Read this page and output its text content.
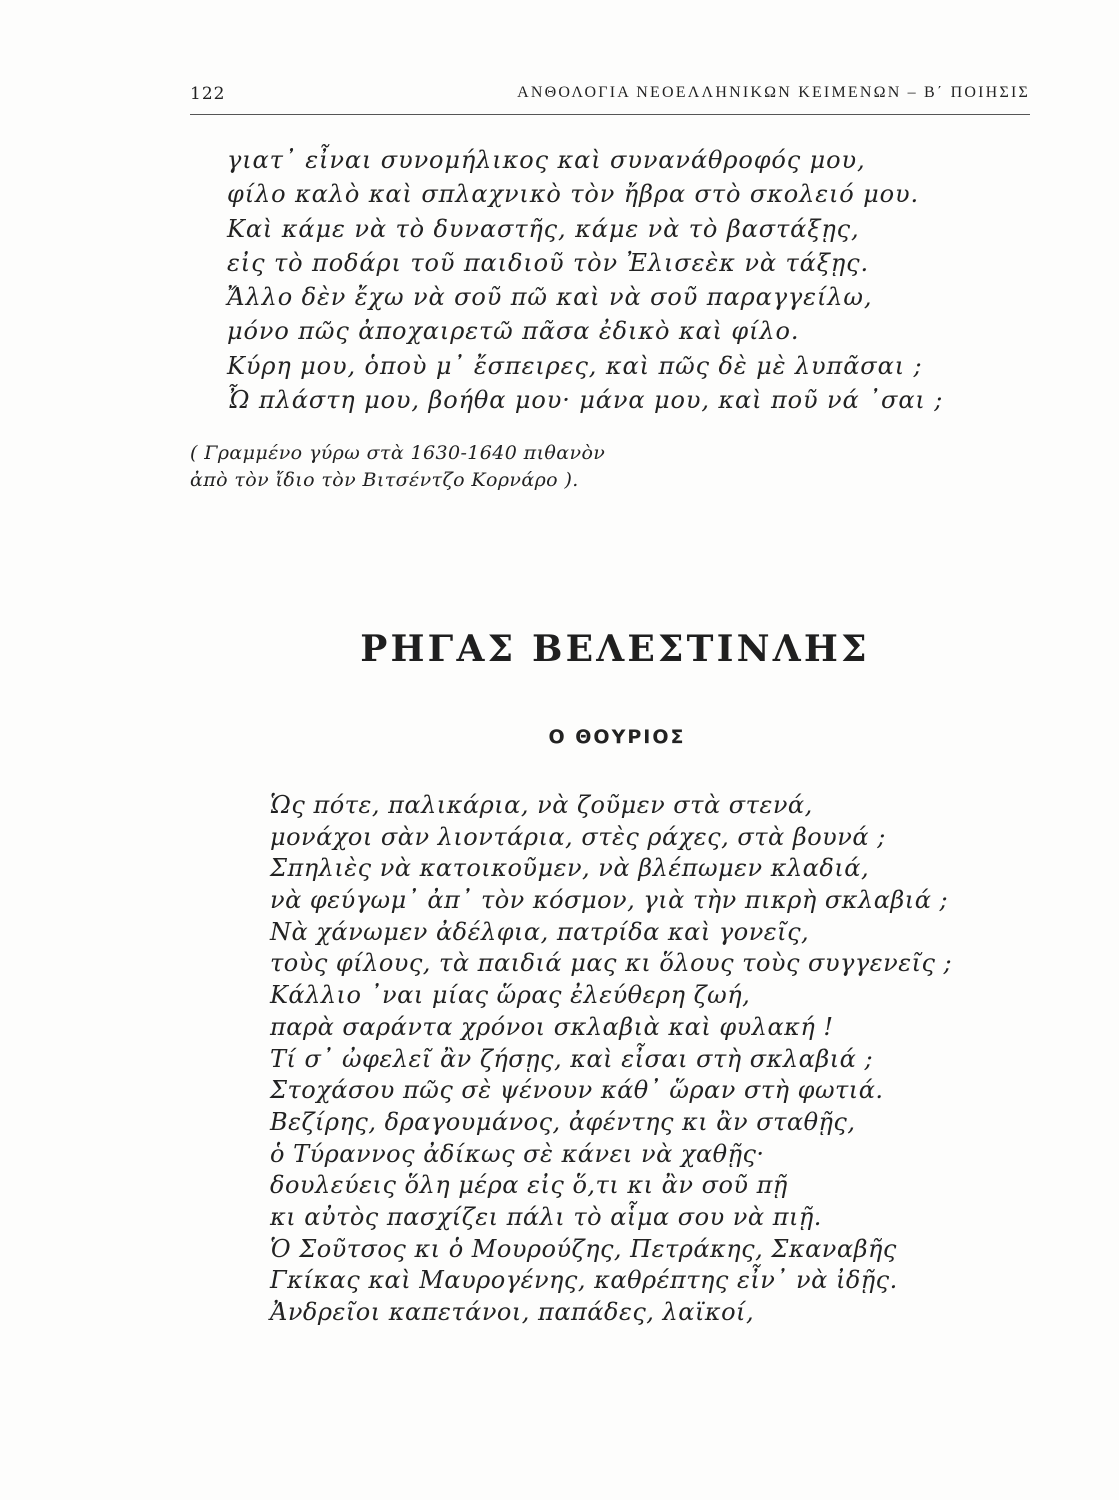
122	ΑΝΘΟΛΟΓΙΑ ΝΕΟΕΛΛΗΝΙΚΩΝ ΚΕΙΜΕΝΩΝ – Β΄ ΠΟΙΗΣΙΣ
γιατ᾿ εἶναι συνομήλικος καὶ συνανάθροφός μου,
φίλο καλὸ καὶ σπλαχνικὸ τὸν ἤβρα στὸ σκολειό μου.
Καὶ κάμε νὰ τὸ δυναστῆς, κάμε νὰ τὸ βαστάξῃς,
εἰς τὸ ποδάρι τοῦ παιδιοῦ τὸν Ἐλισεὲκ νὰ τάξῃς.
Ἄλλο δὲν ἔχω νὰ σοῦ πῶ καὶ νὰ σοῦ παραγγείλω,
μόνο πῶς ἀποχαιρετῶ πᾶσα ἐδικὸ καὶ φίλο.
Κύρη μου, ὁποὺ μ᾿ ἔσπειρες, καὶ πῶς δὲ μὲ λυπᾶσαι ;
Ὦ πλάστη μου, βοήθα μου· μάνα μου, καὶ ποῦ νά ᾿σαι ;
( Γραμμένο γύρω στὰ 1630-1640 πιθανὸν
ἀπὸ τὸν ἴδιο τὸν Βιτσέντζο Κορνάρο ).
ΡΗΓΑΣ ΒΕΛΕΣΤΙΝΛΗΣ
Ο ΘΟΥΡΙΟΣ
Ὡς πότε, παλικάρια, νὰ ζοῦμεν στὰ στενά,
μονάχοι σὰν λιοντάρια, στὲς ράχες, στὰ βουνά ;
Σπηλιὲς νὰ κατοικοῦμεν, νὰ βλέπωμεν κλαδιά,
νὰ φεύγωμ᾿ ἀπ᾿ τὸν κόσμον, γιὰ τὴν πικρὴ σκλαβιά ;
Νὰ χάνωμεν ἀδέλφια, πατρίδα καὶ γονεῖς,
τοὺς φίλους, τὰ παιδιά μας κι ὅλους τοὺς συγγενεῖς ;
Κάλλιο ᾿ναι μίας ὥρας ἐλεύθερη ζωή,
παρὰ σαράντα χρόνοι σκλαβιὰ καὶ φυλακή !
Τί σ᾿ ὠφελεῖ ἂν ζήσῃς, καὶ εἶσαι στὴ σκλαβιά ;
Στοχάσου πῶς σὲ ψένουν κάθ᾿ ὥραν στὴ φωτιά.
Βεζίρης, δραγουμάνος, ἀφέντης κι ἂν σταθῇς,
ὁ Τύραννος ἀδίκως σὲ κάνει νὰ χαθῇς·
δουλεύεις ὅλη μέρα εἰς ὅ,τι κι ἂν σοῦ πῇ
κι αὐτὸς πασχίζει πάλι τὸ αἷμα σου νὰ πιῇ.
Ὁ Σοῦτσος κι ὁ Μουρούζης, Πετράκης, Σκαναβῆς
Γκίκας καὶ Μαυρογένης, καθρέπτης εἶν᾿ νὰ ἰδῇς.
Ἀνδρεῖοι καπετάνοι, παπάδες, λαϊκοί,
